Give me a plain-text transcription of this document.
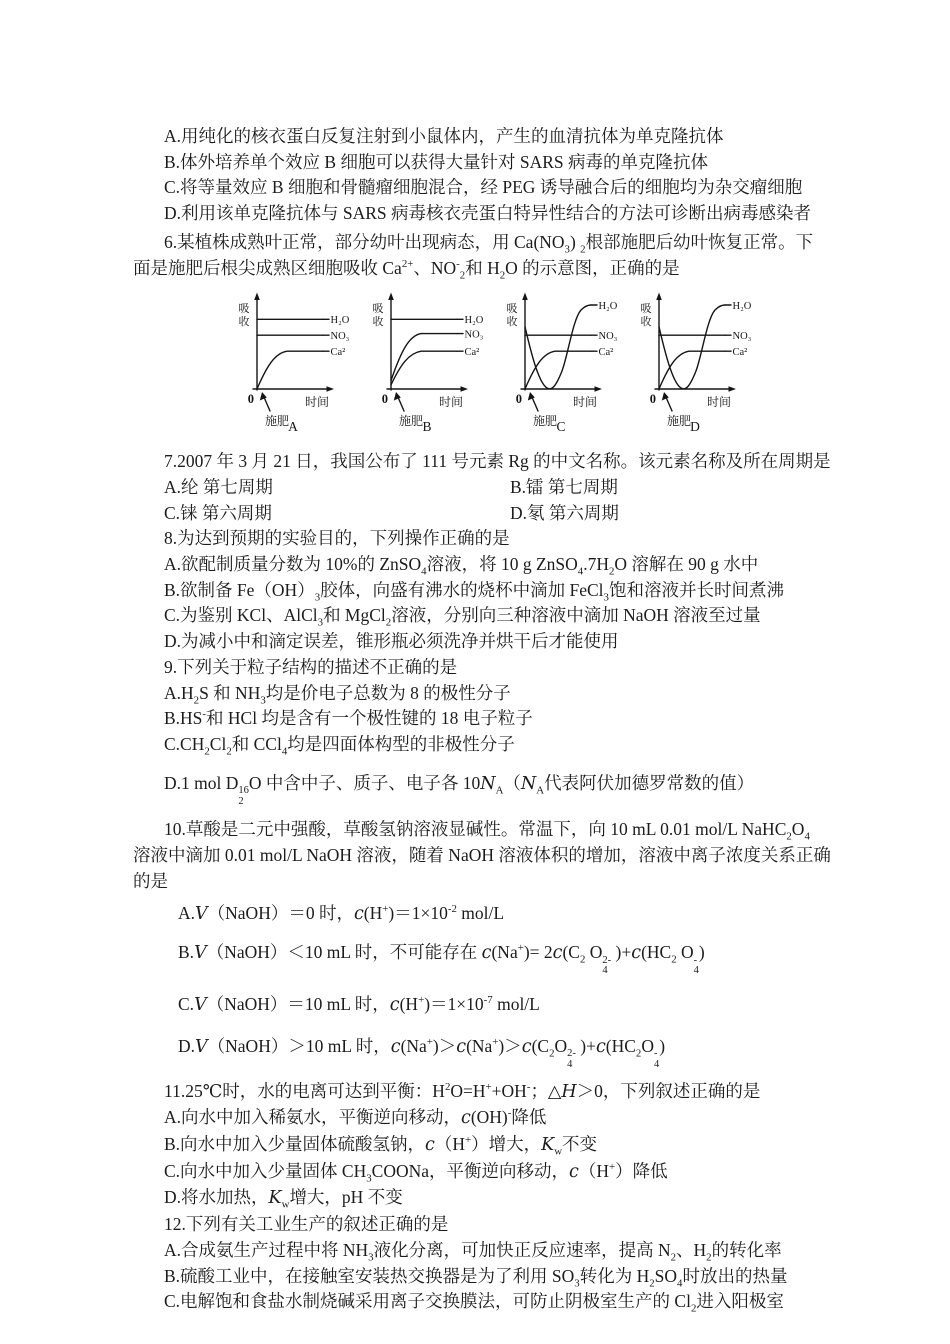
A.用纯化的核衣蛋白反复注射到小鼠体内，产生的血清抗体为单克隆抗体
B.体外培养单个效应 B 细胞可以获得大量针对 SARS 病毒的单克隆抗体
C.将等量效应 B 细胞和骨髓瘤细胞混合，经 PEG 诱导融合后的细胞均为杂交瘤细胞
D.利用该单克隆抗体与 SARS 病毒核衣壳蛋白特异性结合的方法可诊断出病毒感染者
6.某植株成熟叶正常，部分幼叶出现病态，用 $Ca(NO_3)$ $_2$根部施肥后幼叶恢复正常。下
面是施肥后根尖成熟区细胞吸收 $Ca^{2+}$、$NO^-_2$和 $H_2O$ 的示意图，正确的是
吸
收
0
施肥
时间
H₂O
NO₃
Ca²
A
吸
收
0
施肥
时间
H₂O
NO₃
Ca²
B
吸
收
0
施肥
时间
H₂O
NO₃
Ca²
C
吸
收
0
施肥
时间
H₂O
NO₃
Ca²
D
7.2007 年 3 月 21 日，我国公布了 111 号元素 Rg 的中文名称。该元素名称及所在周期是
A.纶 第七周期	B.镭 第七周期
C.铼 第六周期	D.氡 第六周期
8.为达到预期的实验目的，下列操作正确的是
A.欲配制质量分数为 10%的 ZnSO$_4$溶液，将 10 g $ZnSO_4.7H_2O$ 溶解在 90 g 水中
B.欲制备 $Fe(OH)_3$胶体，向盛有沸水的烧杯中滴加 FeCl$_3$饱和溶液并长时间煮沸
C.为鉴别 KCl、AlCl$_3$和 MgCl$_2$溶液，分别向三种溶液中滴加 NaOH 溶液至过量
D.为减小中和滴定误差，锥形瓶必须洗净并烘干后才能使用
9.下列关于粒子结构的描述不正确的是
$A.H_2S$ 和 $NH_3$均是价电子总数为 8 的极性分子
B.HS-和 HCl 均是含有一个极性键的 18 电子粒子
$C.CH_2Cl_2$和 CCl$_4$均是四面体构型的非极性分子
D.1 mol D 16
2
O 中含中子、质子、电子各 $10N_A(N_A$代表阿伏加德罗常数的值）
10.草酸是二元中强酸，草酸氢钠溶液显碱性。常温下，向 10 mL 0.01 mol/L $NaHC_2O_4$
溶液中滴加 0.01 mol/L NaOH 溶液，随着 NaOH 溶液体积的增加，溶液中离子浓度关系正确
的是
A.V（NaOH）＝0 时，$c(H^+)=1\times 10^{-2}$ mol/L
B.V（NaOH）＜10 mL 时，不可能存在 $c(Na^+)= 2c(C_2$ O 2-
4
)$+c(HC_2$ O -
4
)
C.V（NaOH）＝10 mL 时，$c(H^+)=1\times 10^{-7}$ mol/L
D.V（NaOH）＞10 mL 时，$c(Na^+)>c(Na^+)>c(C_2O$ 2-
4
)$+c(HC_2O$ -
4
)
11.25℃时，水的电离可达到平衡：$H^2O=H^++OH^-$；△H＞0，下列叙述正确的是
A.向水中加入稀氨水，平衡逆向移动，c(OH)-降低
B.向水中加入少量固体硫酸氢钠，c（H+）增大，$K_w$不变
C.向水中加入少量固体 $CH_3COONa$，平衡逆向移动，c（H+）降低
D.将水加热，$K_w$增大，pH 不变
12.下列有关工业生产的叙述正确的是
A.合成氨生产过程中将 $NH_3$液化分离，可加快正反应速率，提高 $N_2$、$H_2$的转化率
B.硫酸工业中，在接触室安装热交换器是为了利用 $SO_3$转化为 $H_2SO_4$时放出的热量
C.电解饱和食盐水制烧碱采用离子交换膜法，可防止阴极室生产的 $Cl_2$进入阳极室
